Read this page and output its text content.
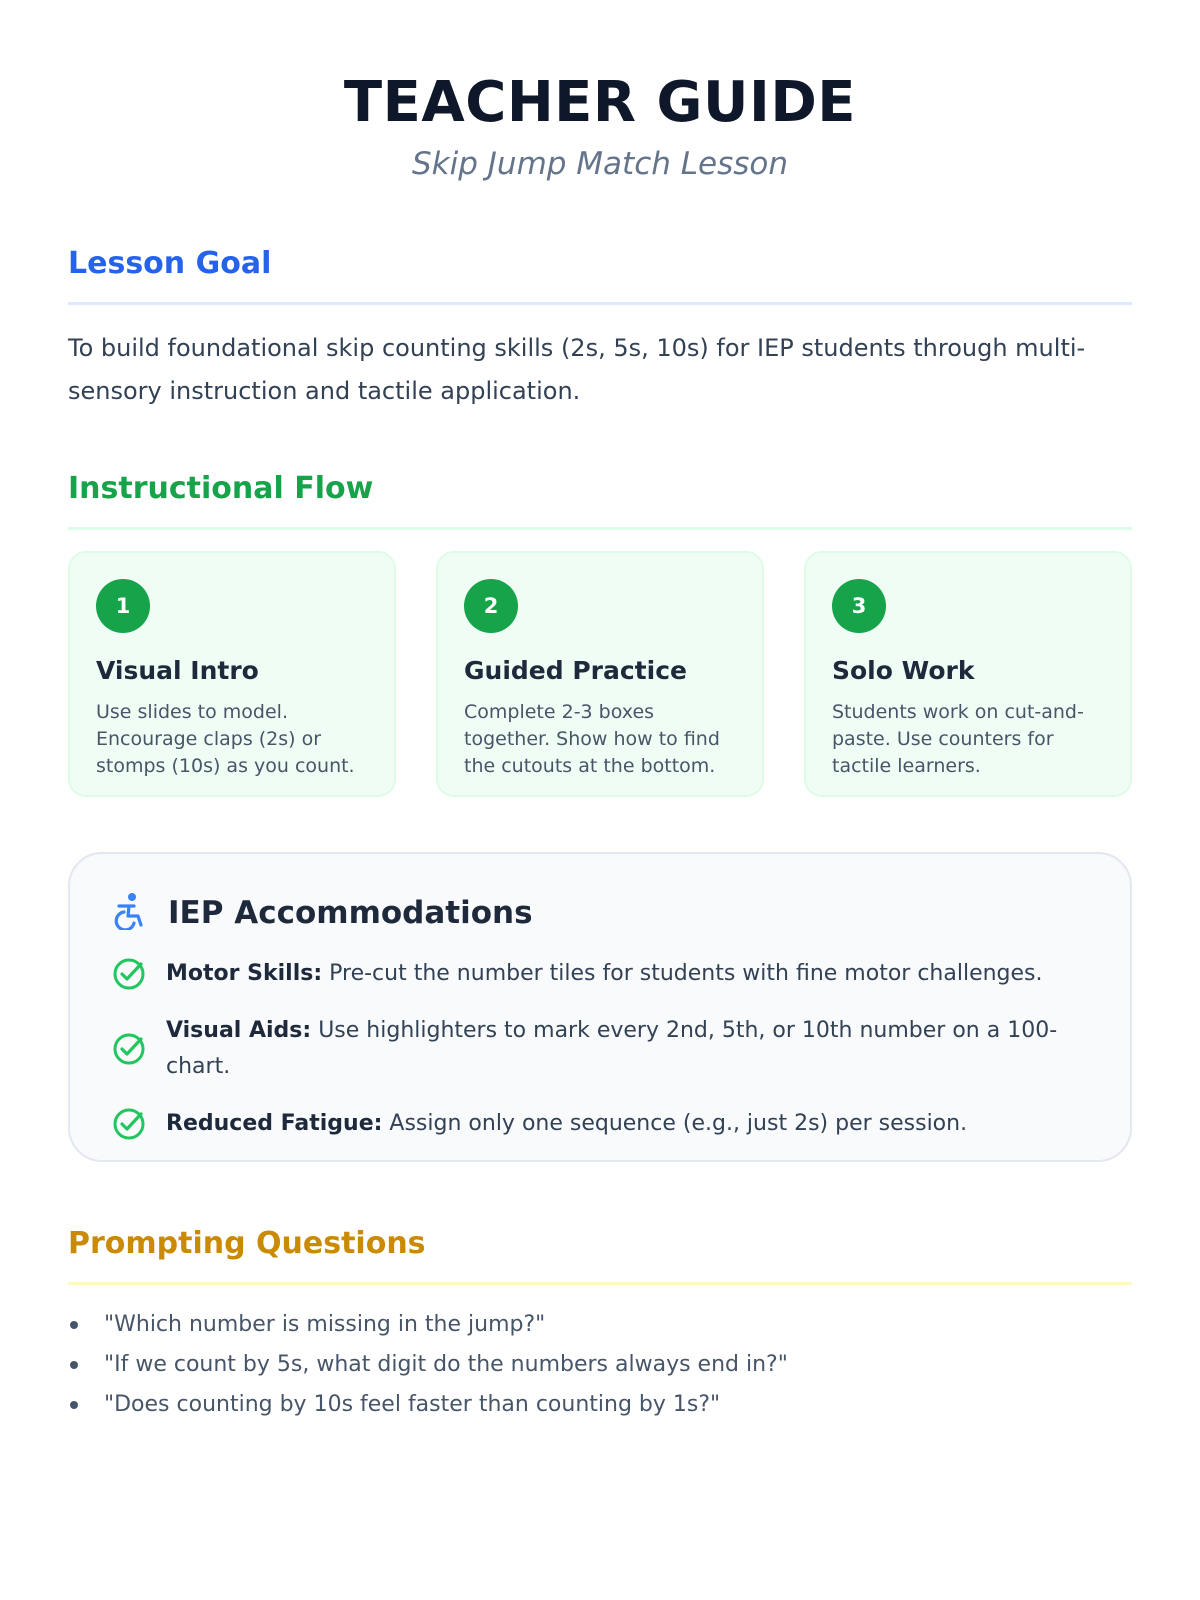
TEACHER GUIDE
Skip Jump Match Lesson
Lesson Goal

To build foundational skip counting skills (2s, 5s, 10s) for IEP students through multi-sensory instruction and tactile application.

Instructional Flow
1
Visual Intro
Use slides to model. Encourage claps (2s) or stomps (10s) as you count.
2
Guided Practice
Complete 2-3 boxes together. Show how to find the cutouts at the bottom.
3
Solo Work
Students work on cut-and-paste. Use counters for tactile learners.
IEP Accommodations
Motor Skills: Pre-cut the number tiles for students with fine motor challenges.
Visual Aids: Use highlighters to mark every 2nd, 5th, or 10th number on a 100-chart.
Reduced Fatigue: Assign only one sequence (e.g., just 2s) per session.
Prompting Questions
"Which number is missing in the jump?"
"If we count by 5s, what digit do the numbers always end in?"
"Does counting by 10s feel faster than counting by 1s?"
